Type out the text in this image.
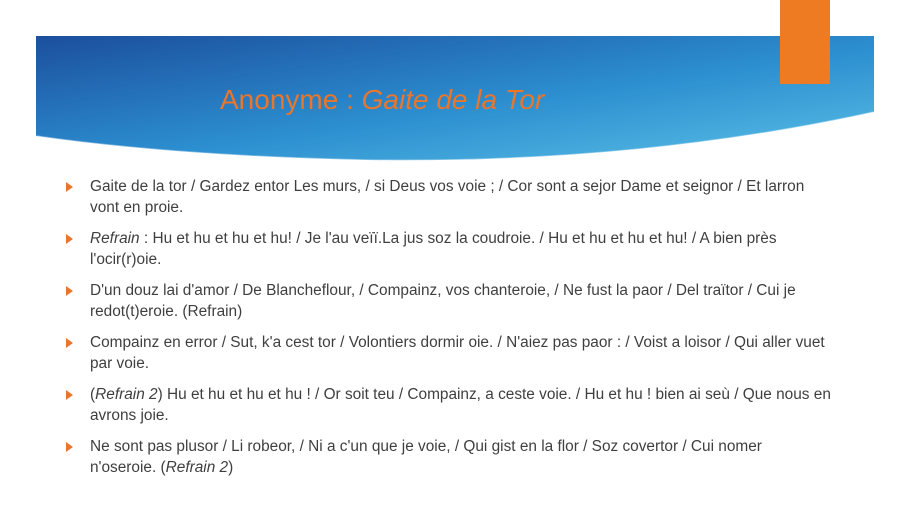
Anonyme : Gaite de la Tor
Gaite de la tor / Gardez entor Les murs, / si Deus vos voie ; / Cor sont a sejor Dame et seignor / Et larron vont en proie.
Refrain : Hu et hu et hu et hu! / Je l'au veïï.La jus soz la coudroie. / Hu et hu et hu et hu! / A bien près l'ocir(r)oie.
D'un douz lai d'amor / De Blancheflour, / Compainz, vos chanteroie, / Ne fust la paor / Del traïtor / Cui je redot(t)eroie. (Refrain)
Compainz en error / Sut, k'a cest tor / Volontiers dormir oie. / N'aiez pas paor : / Voist a loisor / Qui aller vuet par voie.
(Refrain 2) Hu et hu et hu et hu ! / Or soit teu / Compainz, a ceste voie. / Hu et hu ! bien ai seù / Que nous en avrons joie.
Ne sont pas plusor / Li robeor, / Ni a c'un que je voie, / Qui gist en la flor / Soz covertor / Cui nomer n'oseroie. (Refrain 2)
